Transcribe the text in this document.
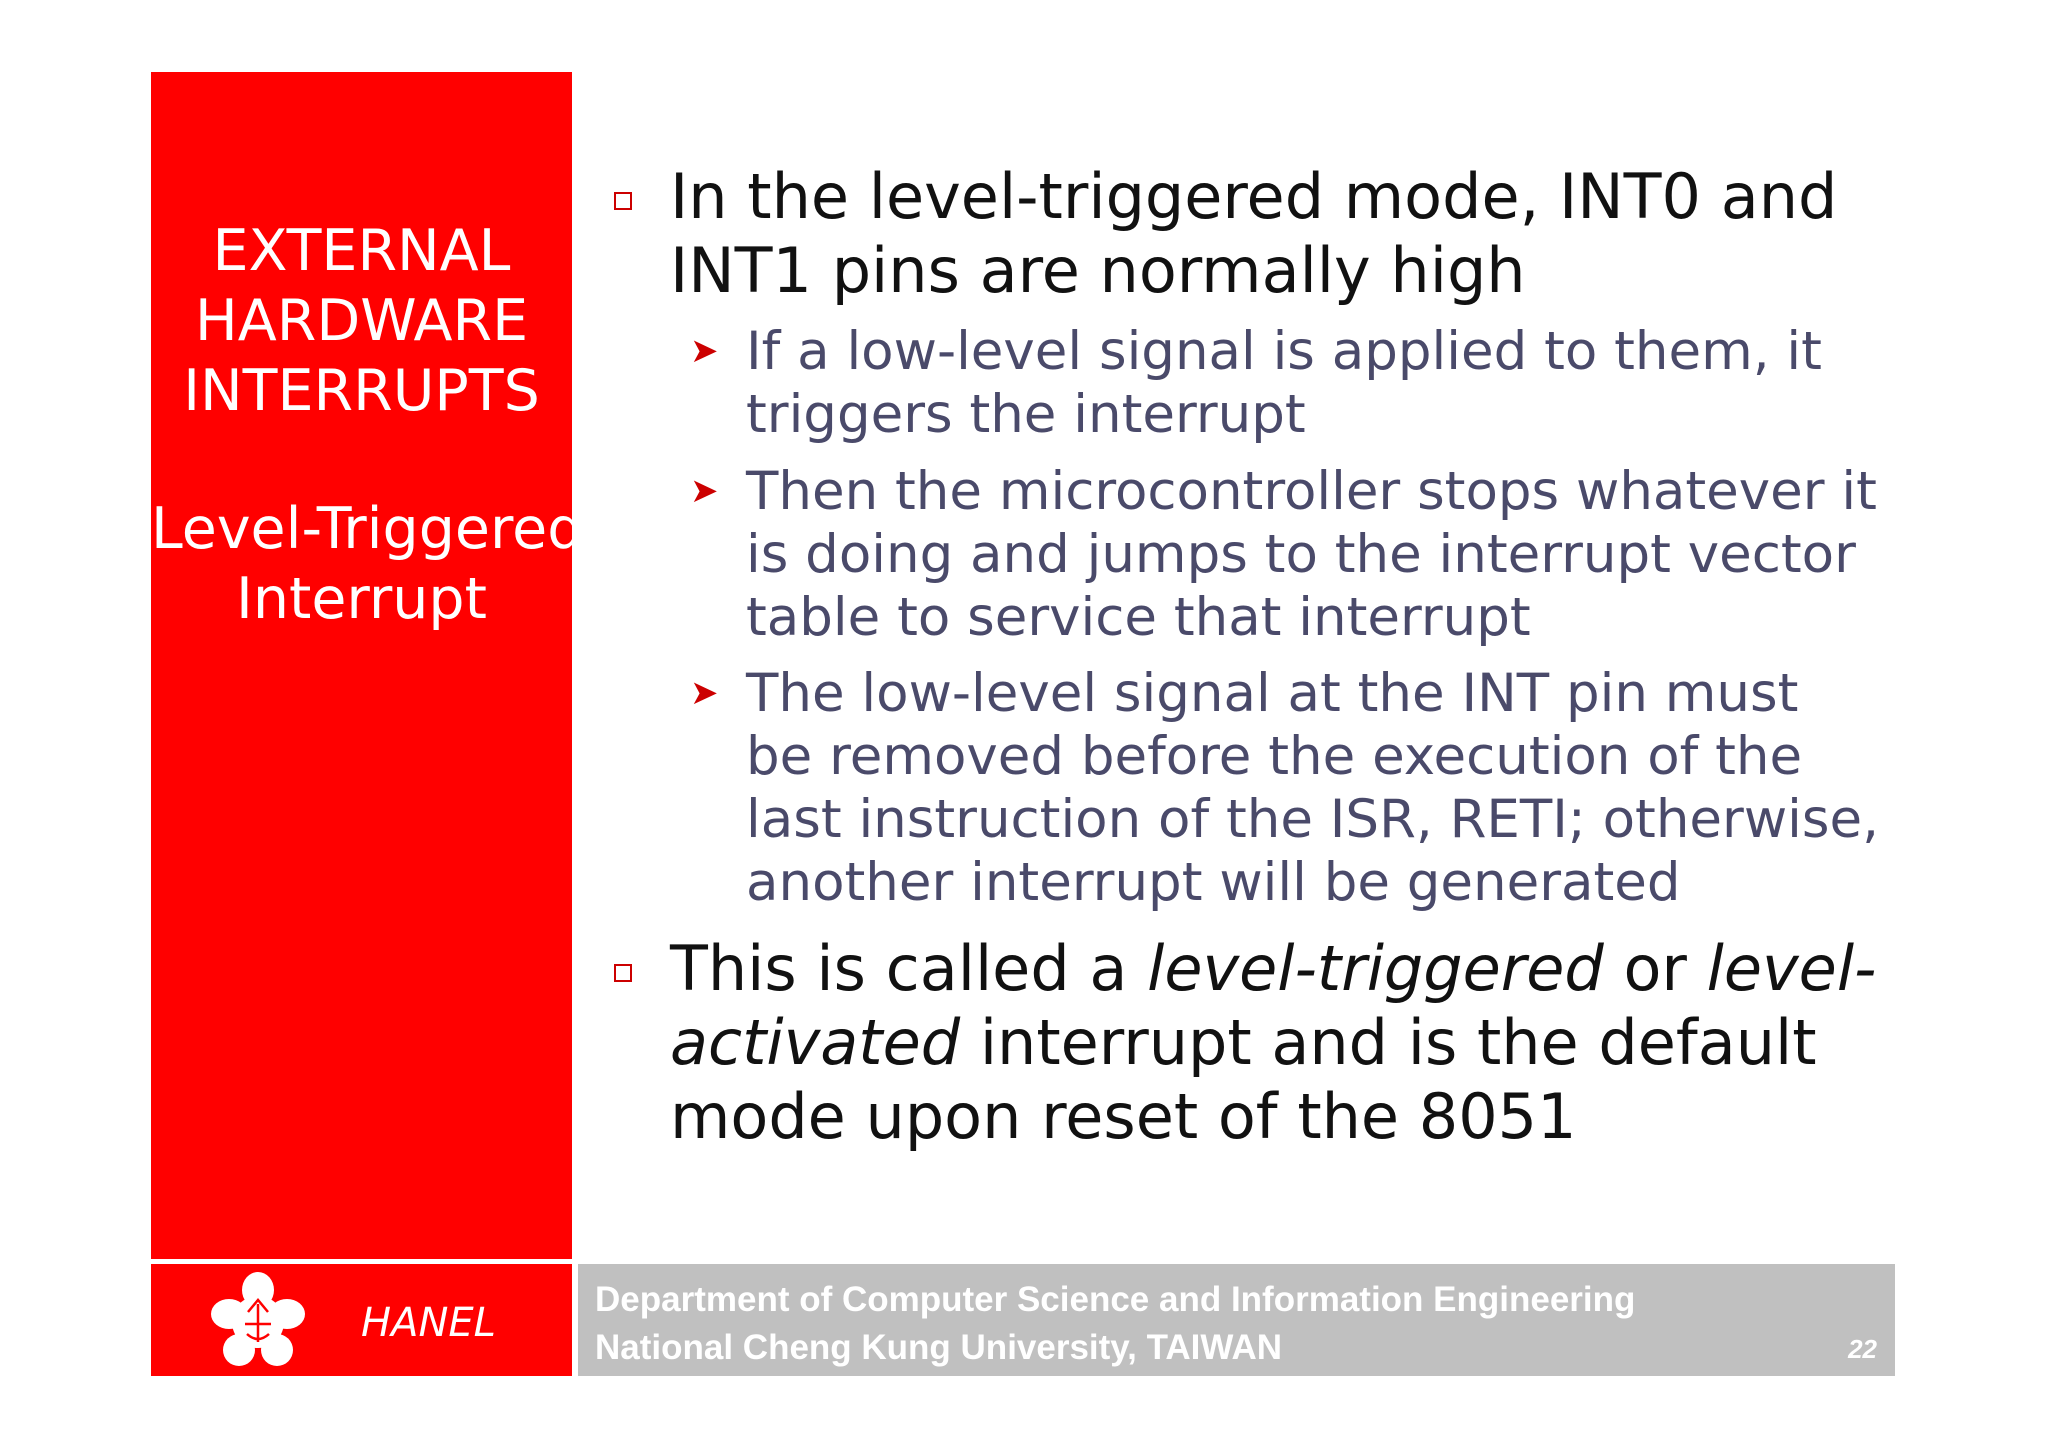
EXTERNAL
HARDWARE
INTERRUPTS
Level-Triggered
Interrupt
In the level-triggered mode, INT0 and
INT1 pins are normally high
➤ If a low-level signal is applied to them, it
triggers the interrupt
➤ Then the microcontroller stops whatever it
is doing and jumps to the interrupt vector
table to service that interrupt
➤ The low-level signal at the INT pin must
be removed before the execution of the
last instruction of the ISR, RETI; otherwise,
another interrupt will be generated
This is called a level-triggered or level-
activated interrupt and is the default
mode upon reset of the 8051
HANEL
Department of Computer Science and Information Engineering
National Cheng Kung University, TAIWAN	22
